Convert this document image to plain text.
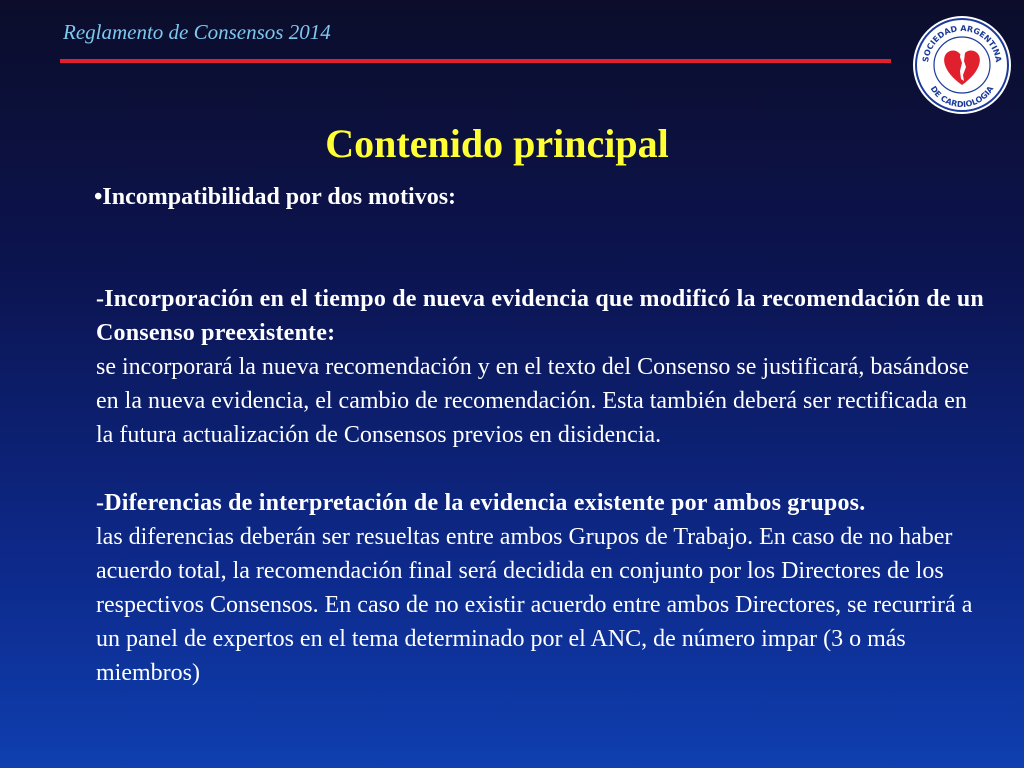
Reglamento de Consensos 2014
SOCIEDAD ARGENTINA
DE CARDIOLOGIA
Contenido principal

•Incompatibilidad por dos motivos:

-Incorporación en el tiempo de nueva evidencia que modificó la recomendación de un Consenso preexistente:

se incorporará la nueva recomendación y en el texto del Consenso se justificará, basándose en la nueva evidencia, el cambio de recomendación. Esta también deberá ser rectificada en la futura actualización de Consensos previos en disidencia.

-Diferencias de interpretación de la evidencia existente por ambos grupos.

las diferencias deberán ser resueltas entre ambos Grupos de Trabajo. En caso de no haber acuerdo total, la recomendación final será decidida en conjunto por los Directores de los respectivos Consensos. En caso de no existir acuerdo entre ambos Directores, se recurrirá a un panel de expertos en el tema determinado por el ANC, de número impar (3 o más miembros)
